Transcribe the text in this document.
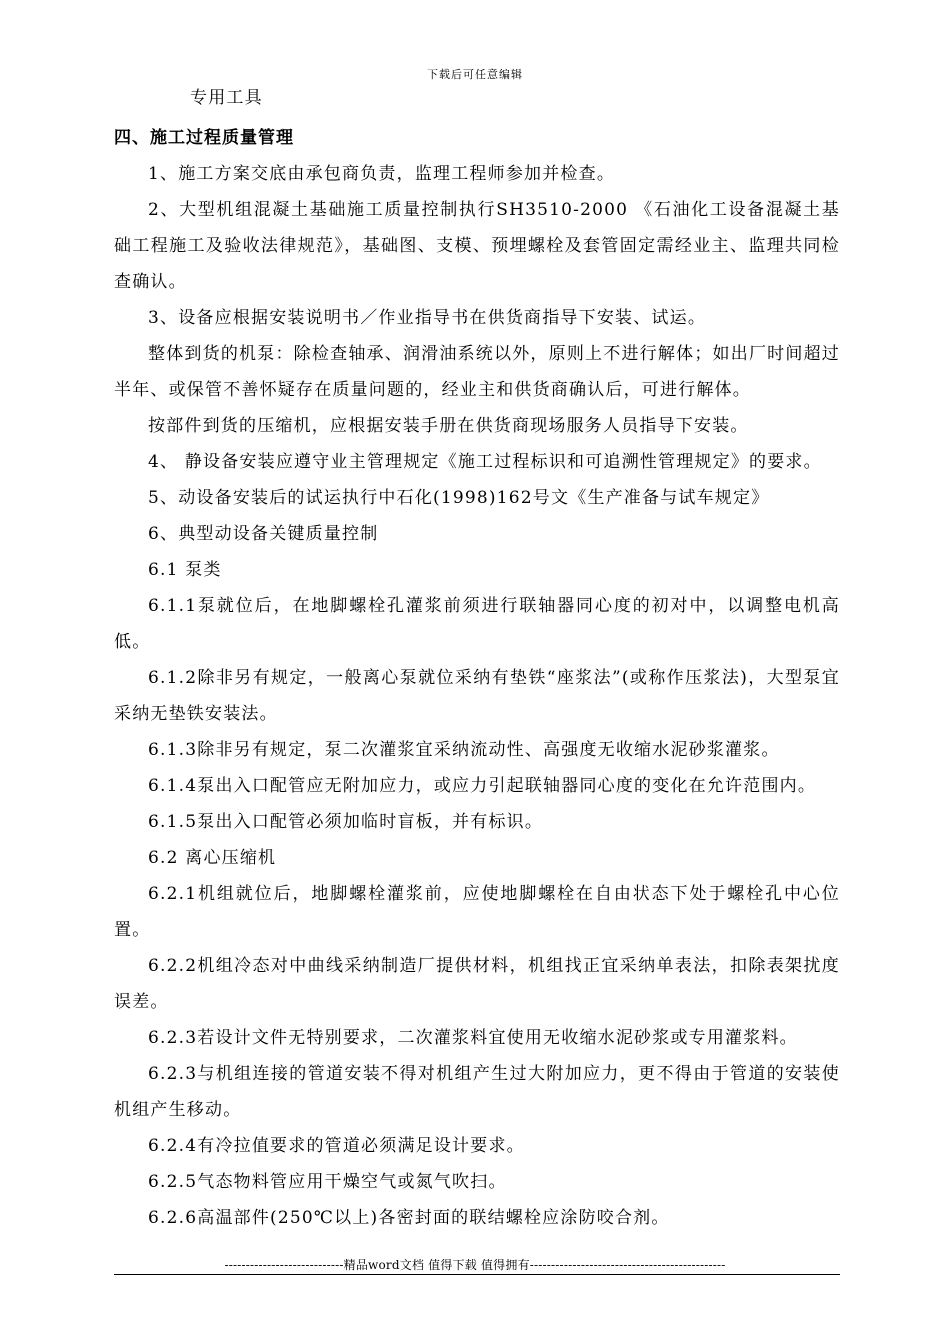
下载后可任意编辑
专用工具
四、施工过程质量管理
1、施工方案交底由承包商负责，监理工程师参加并检查。
2、大型机组混凝土基础施工质量控制执行SH3510-2000 《石油化工设备混凝土基础工程施工及验收法律规范》，基础图、支模、预埋螺栓及套管固定需经业主、监理共同检查确认。
3、设备应根据安装说明书／作业指导书在供货商指导下安装、试运。
整体到货的机泵：除检查轴承、润滑油系统以外，原则上不进行解体；如出厂时间超过半年、或保管不善怀疑存在质量问题的，经业主和供货商确认后，可进行解体。
按部件到货的压缩机，应根据安装手册在供货商现场服务人员指导下安装。
4、 静设备安装应遵守业主管理规定《施工过程标识和可追溯性管理规定》的要求。
5、动设备安装后的试运执行中石化(1998)162号文《生产准备与试车规定》
6、典型动设备关键质量控制
6.1 泵类
6.1.1泵就位后，在地脚螺栓孔灌浆前须进行联轴器同心度的初对中，以调整电机高低。
6.1.2除非另有规定，一般离心泵就位采纳有垫铁“座浆法”(或称作压浆法)，大型泵宜采纳无垫铁安装法。
6.1.3除非另有规定，泵二次灌浆宜采纳流动性、高强度无收缩水泥砂浆灌浆。
6.1.4泵出入口配管应无附加应力，或应力引起联轴器同心度的变化在允许范围内。
6.1.5泵出入口配管必须加临时盲板，并有标识。
6.2 离心压缩机
6.2.1机组就位后，地脚螺栓灌浆前，应使地脚螺栓在自由状态下处于螺栓孔中心位置。
6.2.2机组冷态对中曲线采纳制造厂提供材料，机组找正宜采纳单表法，扣除表架扰度误差。
6.2.3若设计文件无特别要求，二次灌浆料宜使用无收缩水泥砂浆或专用灌浆料。
6.2.3与机组连接的管道安装不得对机组产生过大附加应力，更不得由于管道的安装使机组产生移动。
6.2.4有冷拉值要求的管道必须满足设计要求。
6.2.5气态物料管应用干燥空气或氮气吹扫。
6.2.6高温部件(250℃以上)各密封面的联结螺栓应涂防咬合剂。
----------------------------精品word文档 值得下载 值得拥有----------------------------------------------
